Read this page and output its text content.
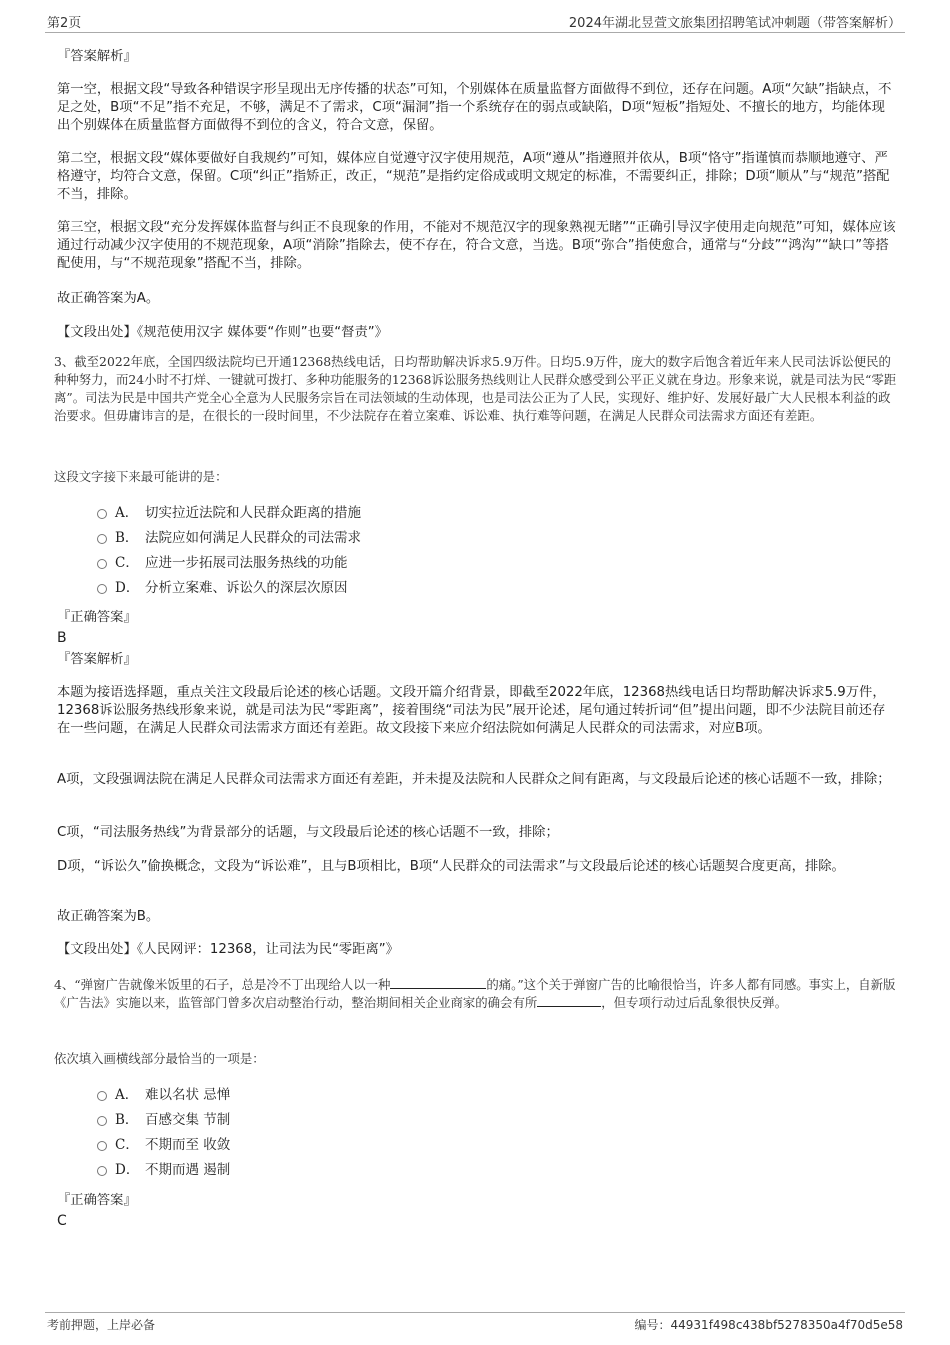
第2页	2024年湖北昱萱文旅集团招聘笔试冲刺题（带答案解析）
『答案解析』

第一空，根据文段“导致各种错误字形呈现出无序传播的状态”可知，个别媒体在质量监督方面做得不到位，还存在问题。A项“欠缺”指缺点，不足之处，B项“不足”指不充足，不够，满足不了需求，C项“漏洞”指一个系统存在的弱点或缺陷，D项“短板”指短处、不擅长的地方，均能体现出个别媒体在质量监督方面做得不到位的含义，符合文意，保留。

第二空，根据文段“媒体要做好自我规约”可知，媒体应自觉遵守汉字使用规范，A项“遵从”指遵照并依从，B项“恪守”指谨慎而恭顺地遵守、严格遵守，均符合文意，保留。C项“纠正”指矫正，改正，“规范”是指约定俗成或明文规定的标准，不需要纠正，排除；D项“顺从”与“规范”搭配不当，排除。

第三空，根据文段“充分发挥媒体监督与纠正不良现象的作用，不能对不规范汉字的现象熟视无睹”“正确引导汉字使用走向规范”可知，媒体应该通过行动减少汉字使用的不规范现象，A项“消除”指除去，使不存在，符合文意，当选。B项“弥合”指使愈合，通常与“分歧”“鸿沟”“缺口”等搭配使用，与“不规范现象”搭配不当，排除。

故正确答案为A。

【文段出处】《规范使用汉字 媒体要“作则”也要“督责”》

3、截至2022年底，全国四级法院均已开通12368热线电话，日均帮助解决诉求5.9万件。日均5.9万件，庞大的数字后饱含着近年来人民司法诉讼便民的种种努力，而24小时不打烊、一键就可拨打、多种功能服务的12368诉讼服务热线则让人民群众感受到公平正义就在身边。形象来说，就是司法为民“零距离”。司法为民是中国共产党全心全意为人民服务宗旨在司法领域的生动体现，也是司法公正为了人民，实现好、维护好、发展好最广大人民根本利益的政治要求。但毋庸讳言的是，在很长的一段时间里，不少法院存在着立案难、诉讼难、执行难等问题，在满足人民群众司法需求方面还有差距。

这段文字接下来最可能讲的是：

A． 切实拉近法院和人民群众距离的措施
B． 法院应如何满足人民群众的司法需求
C． 应进一步拓展司法服务热线的功能
D． 分析立案难、诉讼久的深层次原因
『正确答案』

B

『答案解析』

本题为接语选择题，重点关注文段最后论述的核心话题。文段开篇介绍背景，即截至2022年底，12368热线电话日均帮助解决诉求5.9万件，12368诉讼服务热线形象来说，就是司法为民“零距离”，接着围绕“司法为民”展开论述，尾句通过转折词“但”提出问题，即不少法院目前还存在一些问题，在满足人民群众司法需求方面还有差距。故文段接下来应介绍法院如何满足人民群众的司法需求，对应B项。

A项，文段强调法院在满足人民群众司法需求方面还有差距，并未提及法院和人民群众之间有距离，与文段最后论述的核心话题不一致，排除；

C项，“司法服务热线”为背景部分的话题，与文段最后论述的核心话题不一致，排除；

D项，“诉讼久”偷换概念，文段为“诉讼难”，且与B项相比，B项“人民群众的司法需求”与文段最后论述的核心话题契合度更高，排除。

故正确答案为B。

【文段出处】《人民网评：12368，让司法为民“零距离”》

4、“弹窗广告就像米饭里的石子，总是冷不丁出现给人以一种	的痛。”这个关于弹窗广告的比喻很恰当，许多人都有同感。事实上，自新版《广告法》实施以来，监管部门曾多次启动整治行动，整治期间相关企业商家的确会有所	，但专项行动过后乱象很快反弹。

依次填入画横线部分最恰当的一项是：

A． 难以名状 忌惮
B． 百感交集 节制
C． 不期而至 收敛
D． 不期而遇 遏制
『正确答案』

C

考前押题，上岸必备	编号：44931f498c438bf5278350a4f70d5e58
